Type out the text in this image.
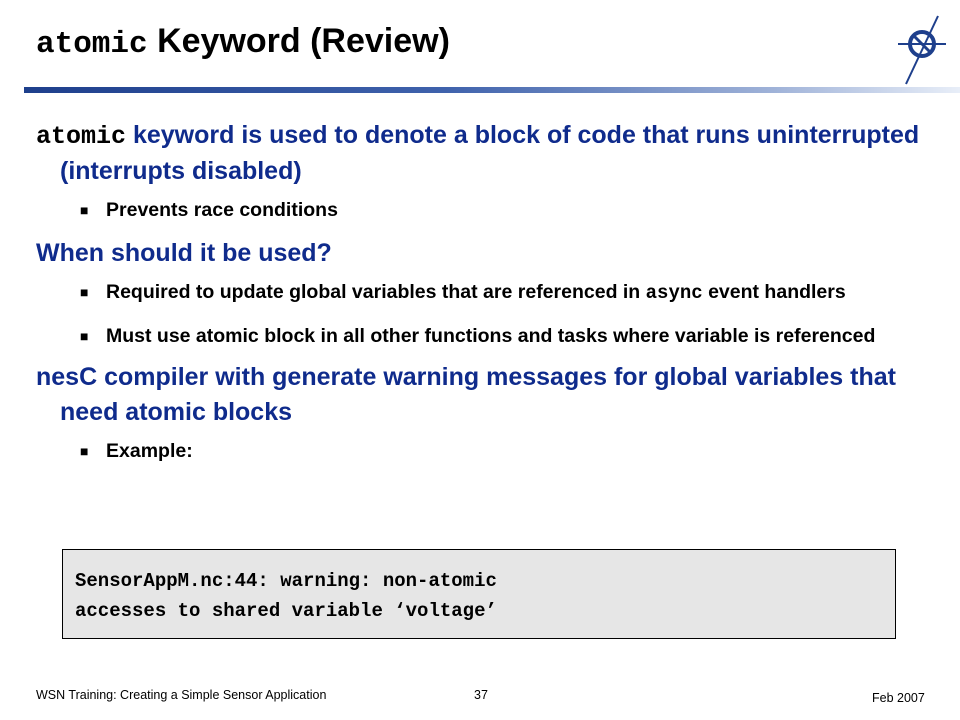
atomic Keyword (Review)
atomic keyword is used to denote a block of code that runs uninterrupted (interrupts disabled)
■ Prevents race conditions
When should it be used?
■ Required to update global variables that are referenced in async event handlers
■ Must use atomic block in all other functions and tasks where variable is referenced
nesC compiler with generate warning messages for global variables that need atomic blocks
■ Example:
SensorAppM.nc:44: warning: non-atomic
accesses to shared variable ‘voltage’
WSN Training: Creating a Simple Sensor Application	37	Feb 2007
